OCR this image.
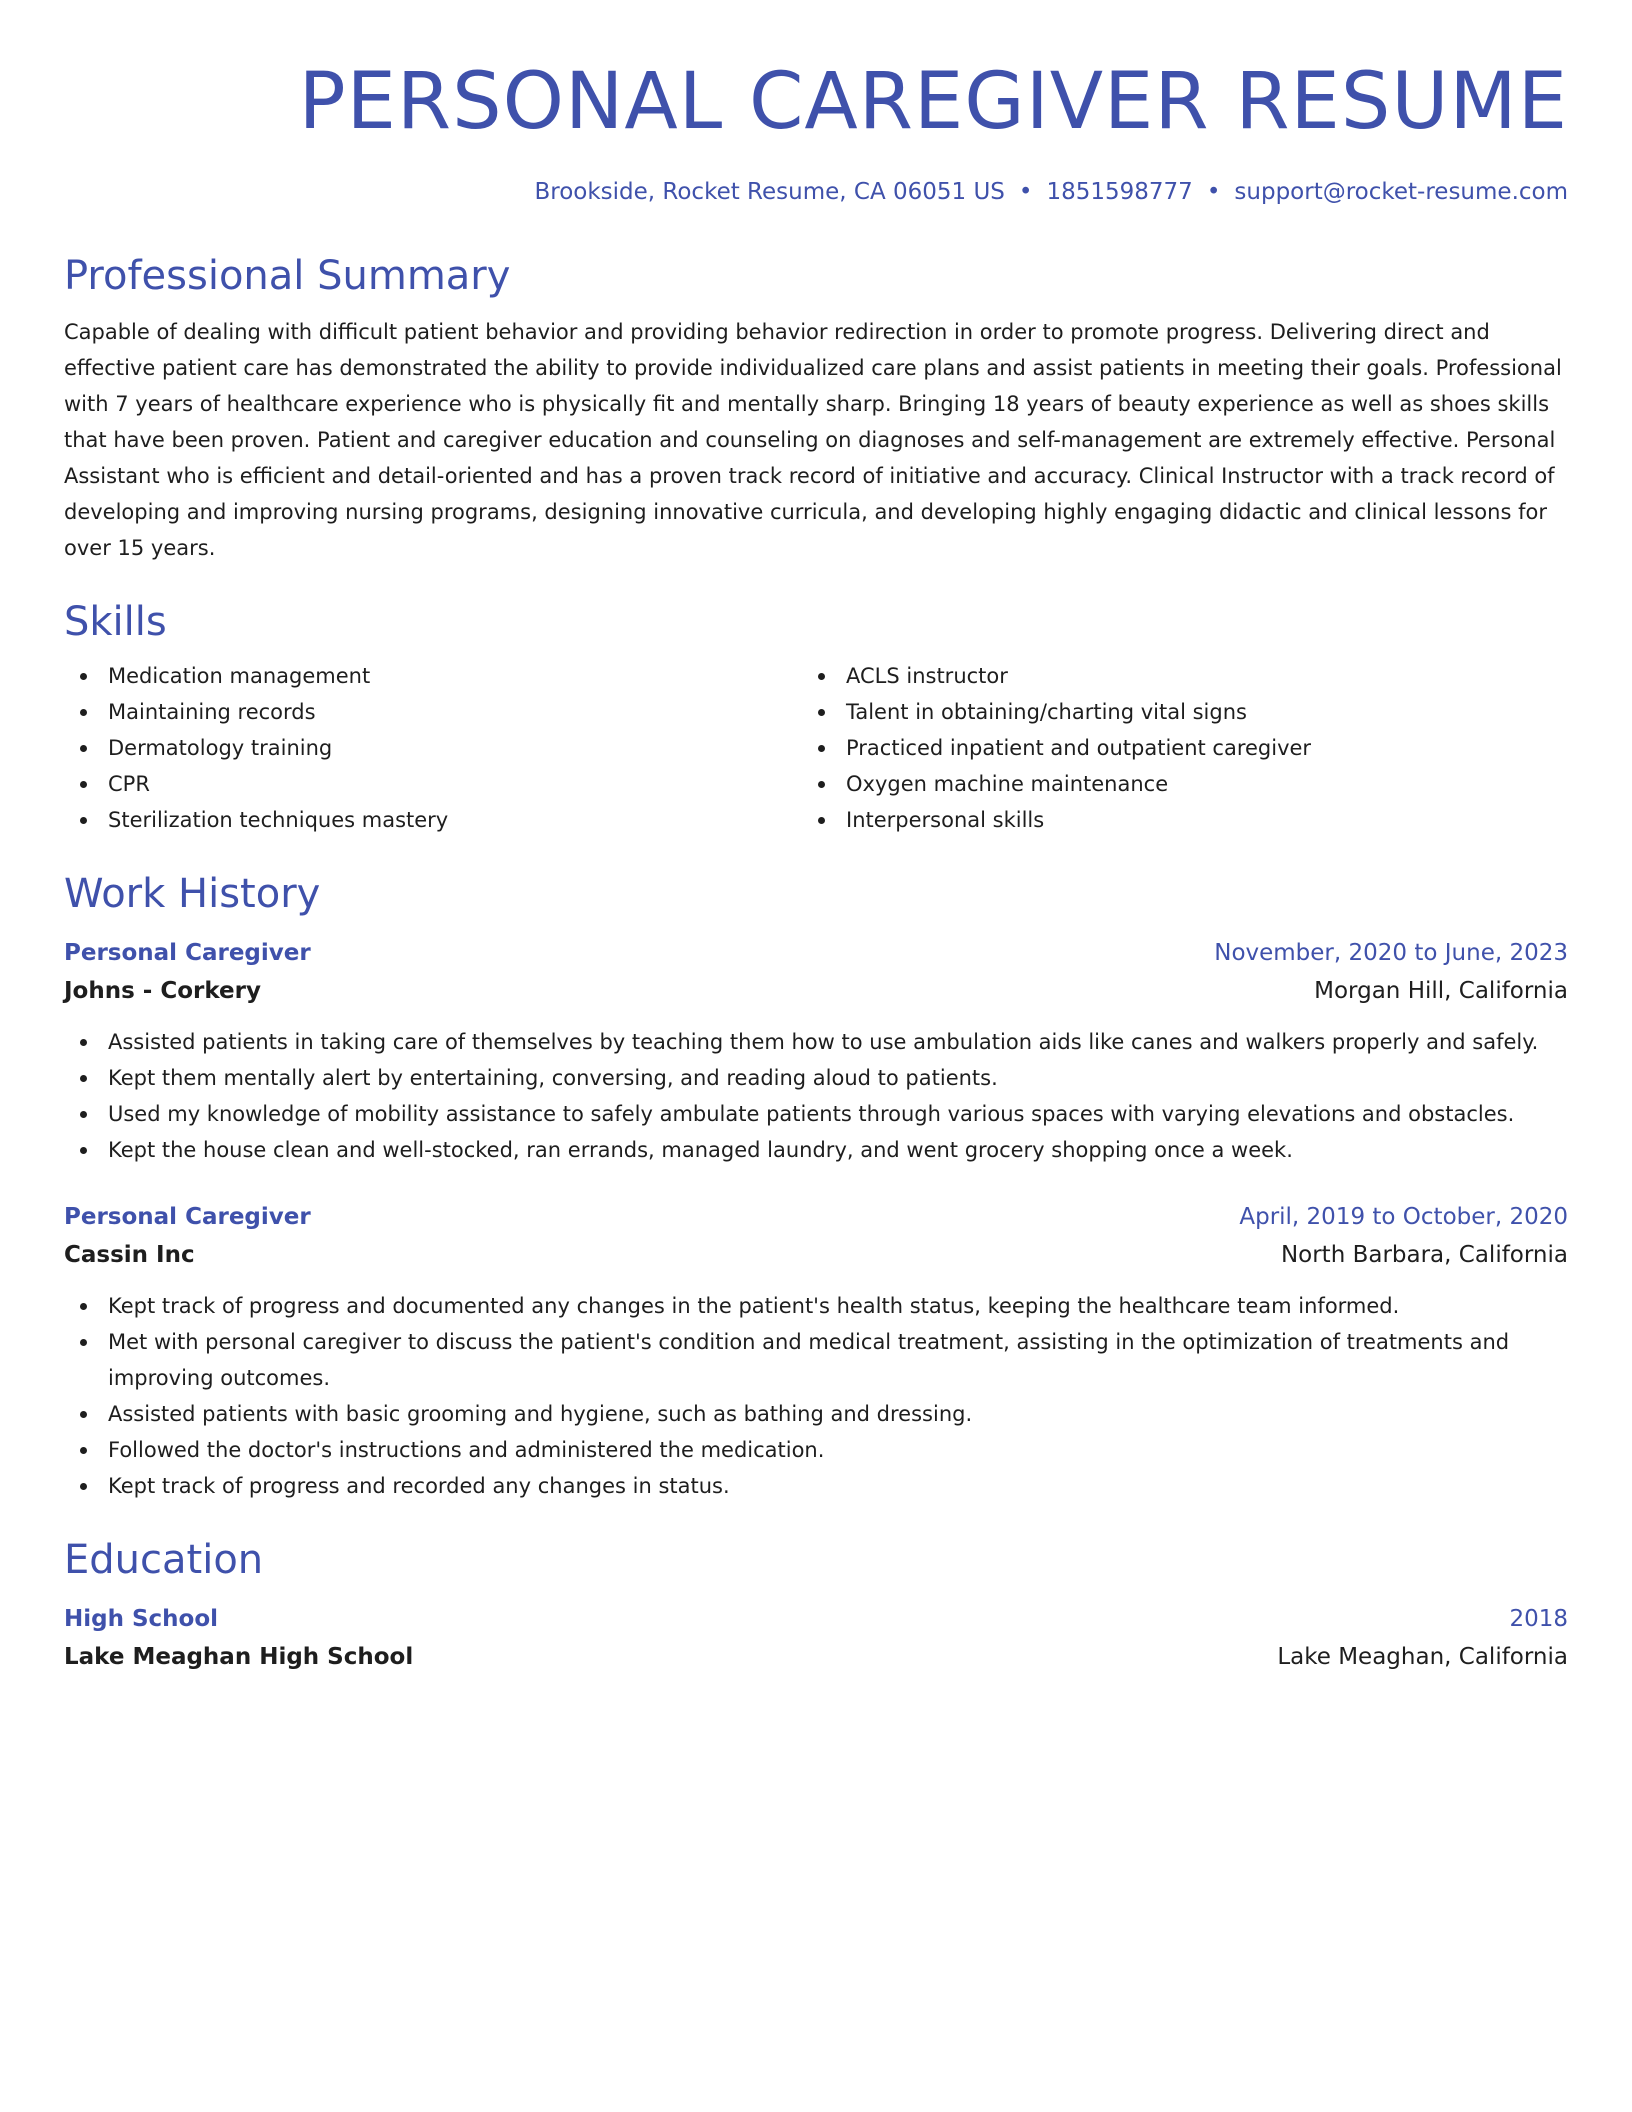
PERSONAL CAREGIVER RESUME
Brookside, Rocket Resume, CA 06051 US • 1851598777 • support@rocket-resume.com
Professional Summary
Capable of dealing with difficult patient behavior and providing behavior redirection in order to promote progress. Delivering direct and effective patient care has demonstrated the ability to provide individualized care plans and assist patients in meeting their goals. Professional with 7 years of healthcare experience who is physically fit and mentally sharp. Bringing 18 years of beauty experience as well as shoes skills that have been proven. Patient and caregiver education and counseling on diagnoses and self-management are extremely effective. Personal Assistant who is efficient and detail-oriented and has a proven track record of initiative and accuracy. Clinical Instructor with a track record of developing and improving nursing programs, designing innovative curricula, and developing highly engaging didactic and clinical lessons for over 15 years.
Skills
Medication management
Maintaining records
Dermatology training
CPR
Sterilization techniques mastery
ACLS instructor
Talent in obtaining/charting vital signs
Practiced inpatient and outpatient caregiver
Oxygen machine maintenance
Interpersonal skills
Work History
Personal Caregiver	November, 2020 to June, 2023
Johns - Corkery	Morgan Hill, California
Assisted patients in taking care of themselves by teaching them how to use ambulation aids like canes and walkers properly and safely.
Kept them mentally alert by entertaining, conversing, and reading aloud to patients.
Used my knowledge of mobility assistance to safely ambulate patients through various spaces with varying elevations and obstacles.
Kept the house clean and well-stocked, ran errands, managed laundry, and went grocery shopping once a week.
Personal Caregiver	April, 2019 to October, 2020
Cassin Inc	North Barbara, California
Kept track of progress and documented any changes in the patient's health status, keeping the healthcare team informed.
Met with personal caregiver to discuss the patient's condition and medical treatment, assisting in the optimization of treatments and improving outcomes.
Assisted patients with basic grooming and hygiene, such as bathing and dressing.
Followed the doctor's instructions and administered the medication.
Kept track of progress and recorded any changes in status.
Education
High School	2018
Lake Meaghan High School	Lake Meaghan, California
